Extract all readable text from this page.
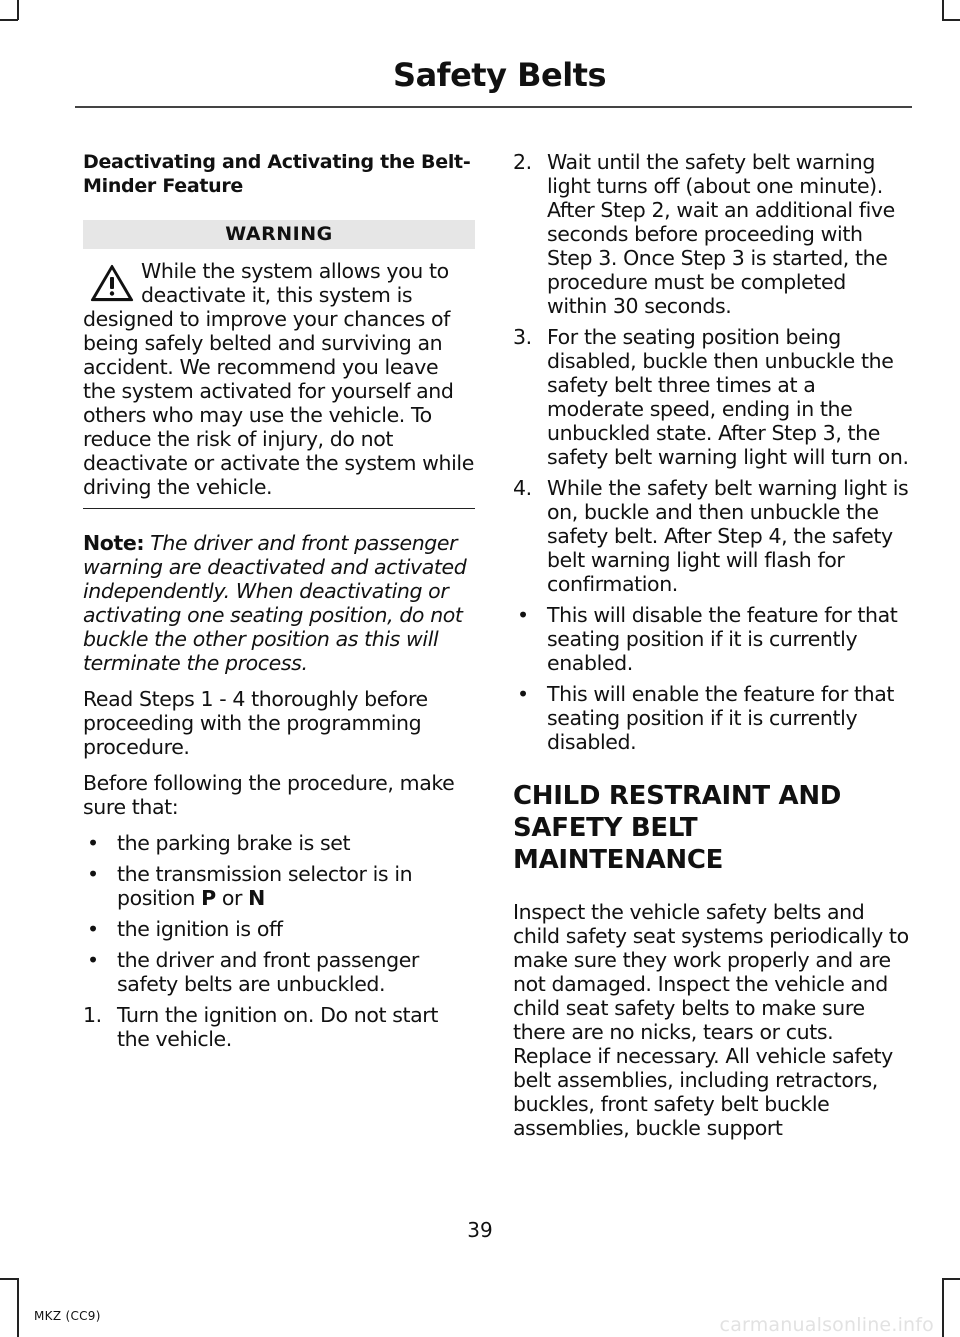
Safety Belts
Deactivating and Activating the Belt-Minder Feature
WARNING

While the system allows you to deactivate it, this system is designed to improve your chances of being safely belted and surviving an accident. We recommend you leave the system activated for yourself and others who may use the vehicle. To reduce the risk of injury, do not deactivate or activate the system while driving the vehicle.

Note: The driver and front passenger warning are deactivated and activated independently. When deactivating or activating one seating position, do not buckle the other position as this will terminate the process.

Read Steps 1 - 4 thoroughly before proceeding with the programming procedure.

Before following the procedure, make sure that:

• the parking brake is set
• the transmission selector is in position P or N
• the ignition is off
• the driver and front passenger safety belts are unbuckled.
1. Turn the ignition on. Do not start the vehicle.
2. Wait until the safety belt warning light turns off (about one minute). After Step 2, wait an additional five seconds before proceeding with Step 3. Once Step 3 is started, the procedure must be completed within 30 seconds.
3. For the seating position being disabled, buckle then unbuckle the safety belt three times at a moderate speed, ending in the unbuckled state. After Step 3, the safety belt warning light will turn on.
4. While the safety belt warning light is on, buckle and then unbuckle the safety belt. After Step 4, the safety belt warning light will flash for confirmation.
• This will disable the feature for that seating position if it is currently enabled.
• This will enable the feature for that seating position if it is currently disabled.
CHILD RESTRAINT AND
SAFETY BELT
MAINTENANCE

Inspect the vehicle safety belts and child safety seat systems periodically to make sure they work properly and are not damaged. Inspect the vehicle and child seat safety belts to make sure there are no nicks, tears or cuts. Replace if necessary. All vehicle safety belt assemblies, including retractors, buckles, front safety belt buckle assemblies, buckle support

39
MKZ (CC9)	carmanualsonline.info
